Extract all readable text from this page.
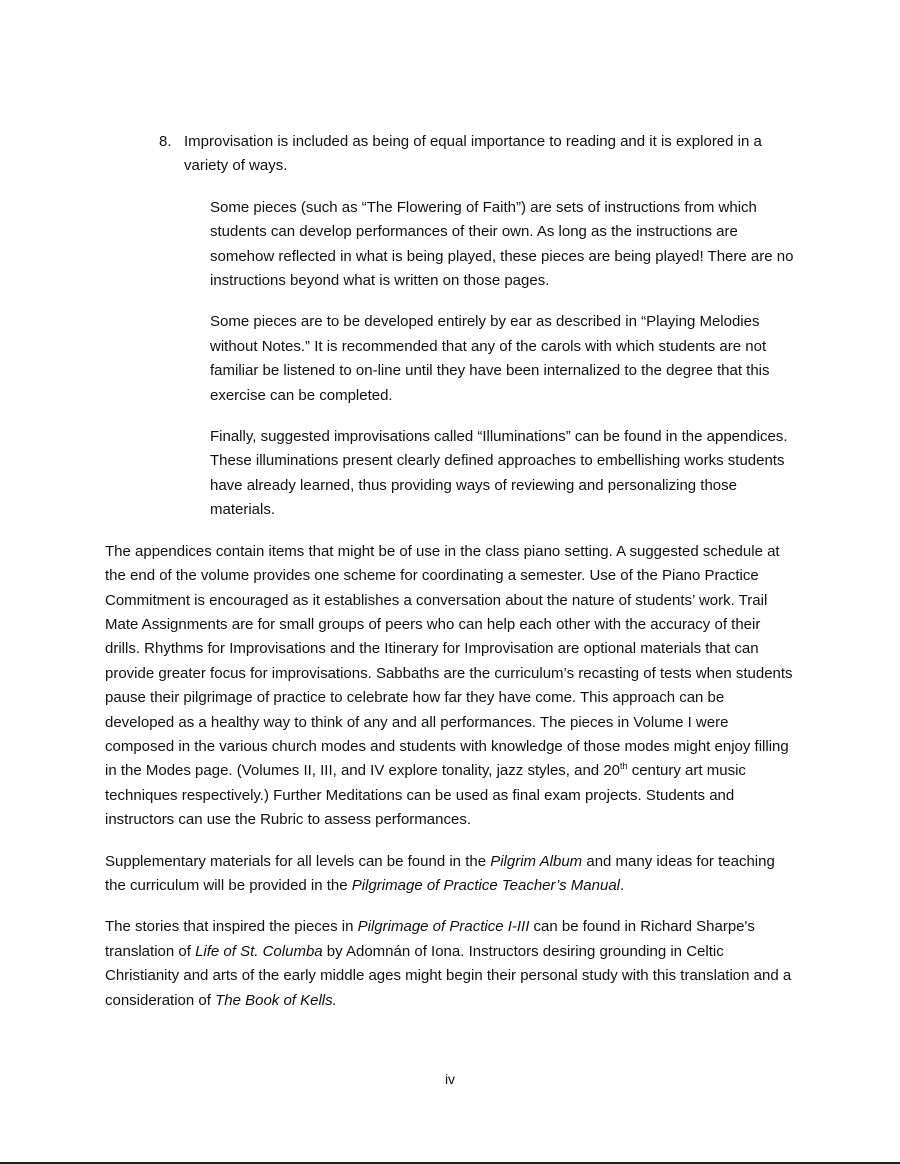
8. Improvisation is included as being of equal importance to reading and it is explored in a variety of ways.

Some pieces (such as “The Flowering of Faith”) are sets of instructions from which students can develop performances of their own. As long as the instructions are somehow reflected in what is being played, these pieces are being played! There are no instructions beyond what is written on those pages.

Some pieces are to be developed entirely by ear as described in “Playing Melodies without Notes.” It is recommended that any of the carols with which students are not familiar be listened to on-line until they have been internalized to the degree that this exercise can be completed.

Finally, suggested improvisations called “Illuminations” can be found in the appendices. These illuminations present clearly defined approaches to embellishing works students have already learned, thus providing ways of reviewing and personalizing those materials.

The appendices contain items that might be of use in the class piano setting. A suggested schedule at the end of the volume provides one scheme for coordinating a semester. Use of the Piano Practice Commitment is encouraged as it establishes a conversation about the nature of students’ work. Trail Mate Assignments are for small groups of peers who can help each other with the accuracy of their drills. Rhythms for Improvisations and the Itinerary for Improvisation are optional materials that can provide greater focus for improvisations. Sabbaths are the curriculum’s recasting of tests when students pause their pilgrimage of practice to celebrate how far they have come. This approach can be developed as a healthy way to think of any and all performances. The pieces in Volume I were composed in the various church modes and students with knowledge of those modes might enjoy filling in the Modes page. (Volumes II, III, and IV explore tonality, jazz styles, and 20th century art music techniques respectively.) Further Meditations can be used as final exam projects. Students and instructors can use the Rubric to assess performances.

Supplementary materials for all levels can be found in the Pilgrim Album and many ideas for teaching the curriculum will be provided in the Pilgrimage of Practice Teacher’s Manual.

The stories that inspired the pieces in Pilgrimage of Practice I-III can be found in Richard Sharpe's translation of Life of St. Columba by Adomnán of Iona. Instructors desiring grounding in Celtic Christianity and arts of the early middle ages might begin their personal study with this translation and a consideration of The Book of Kells.

iv
